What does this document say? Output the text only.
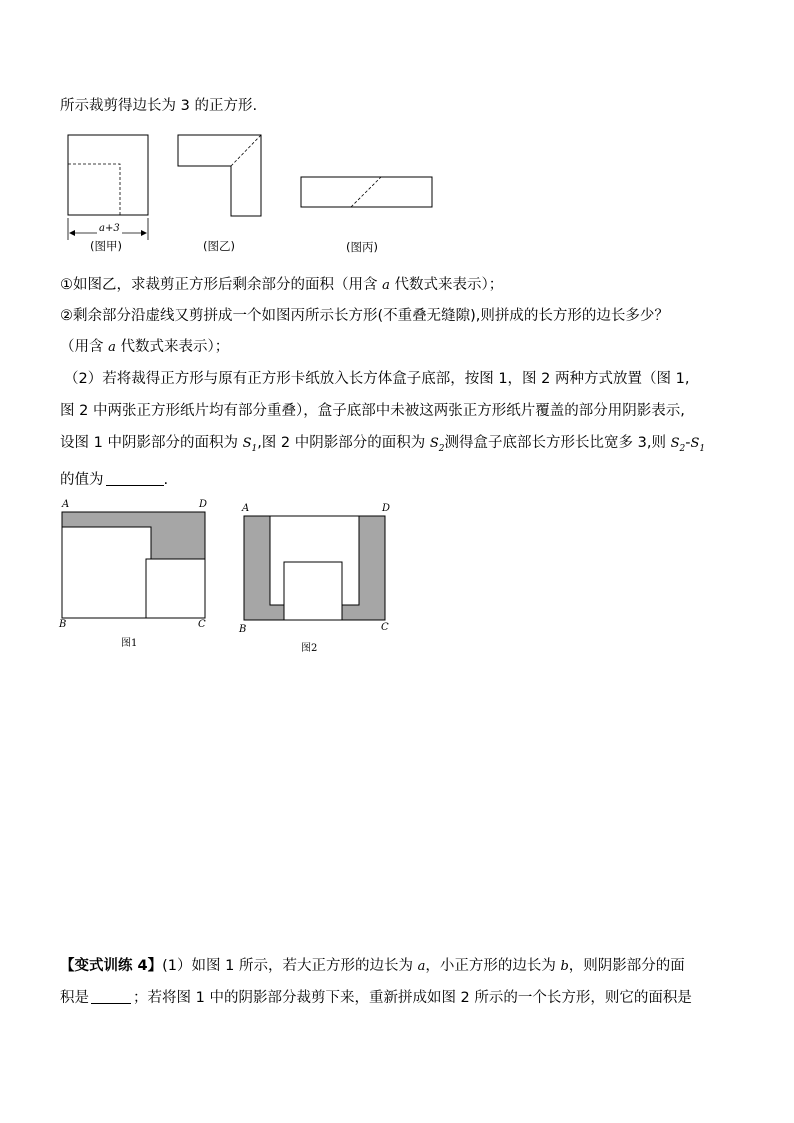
所示裁剪得边长为 3 的正方形.
a+3
(图甲)	(图乙)	(图丙)
①如图乙，求裁剪正方形后剩余部分的面积（用含 a 代数式来表示）；
②剩余部分沿虚线又剪拼成一个如图丙所示长方形(不重叠无缝隙),则拼成的长方形的边长多少？
（用含 a 代数式来表示）；
（2）若将裁得正方形与原有正方形卡纸放入长方体盒子底部，按图 1，图 2 两种方式放置（图 1,
图 2 中两张正方形纸片均有部分重叠），盒子底部中未被这两张正方形纸片覆盖的部分用阴影表示,
设图 1 中阴影部分的面积为 $S_1$,图 2 中阴影部分的面积为 $S_2$测得盒子底部长方形长比宽多 3,则 $S_2-S_1$
的值为	.
A	D
B	C
图1
A	D
B	C
图2
【变式训练 4】(1）如图 1 所示，若大正方形的边长为 a，小正方形的边长为 b，则阴影部分的面
积是	；若将图 1 中的阴影部分裁剪下来，重新拼成如图 2 所示的一个长方形，则它的面积是
